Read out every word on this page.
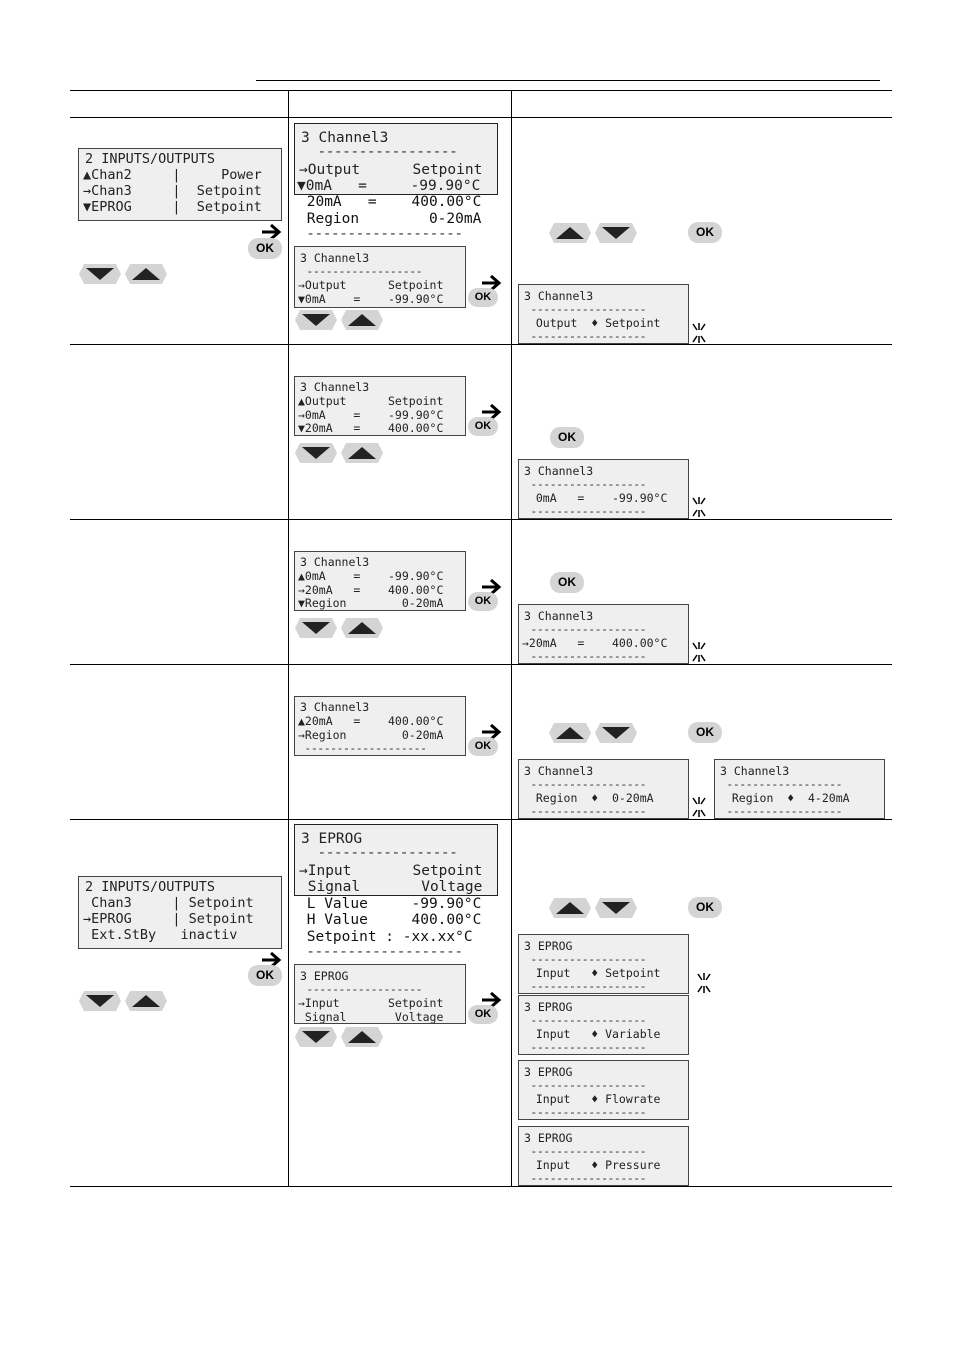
2 INPUTS/OUTPUTS
▲Chan2     |     Power
→Chan3     |  Setpoint
▼EPROG     |  Setpoint
OK
3 Channel3
-----------------
→Output      Setpoint
▼0mA   =     -99.90°C
20mA   =    400.00°C
Region        0-20mA
-------------------
3 Channel3
------------------
→Output      Setpoint
▼0mA    =    -99.90°C	OK
OK
3 Channel3
------------------
Output  ♦ Setpoint
------------------
3 Channel3
▲Output      Setpoint
→0mA    =    -99.90°C
▼20mA   =    400.00°C	OK
OK
3 Channel3
------------------
0mA   =    -99.90°C
------------------
3 Channel3
▲0mA    =    -99.90°C
→20mA   =    400.00°C
▼Region        0-20mA	OK
OK
3 Channel3
------------------
→20mA   =    400.00°C
------------------
3 Channel3
▲20mA   =    400.00°C
→Region        0-20mA
-------------------	OK
OK
3 Channel3
------------------
Region  ♦  0-20mA
------------------
3 Channel3
------------------
Region  ♦  4-20mA
------------------
2 INPUTS/OUTPUTS
Chan3     | Setpoint
→EPROG     | Setpoint
Ext.StBy   inactiv
OK
3 EPROG
-----------------
→Input       Setpoint
Signal       Voltage
L Value     -99.90°C
H Value     400.00°C
Setpoint : -xx.xx°C
-------------------
3 EPROG
------------------
→Input       Setpoint
Signal       Voltage	OK
OK
3 EPROG
------------------
Input   ♦ Setpoint
------------------
3 EPROG
------------------
Input   ♦ Variable
------------------
3 EPROG
------------------
Input   ♦ Flowrate
------------------
3 EPROG
------------------
Input   ♦ Pressure
------------------
